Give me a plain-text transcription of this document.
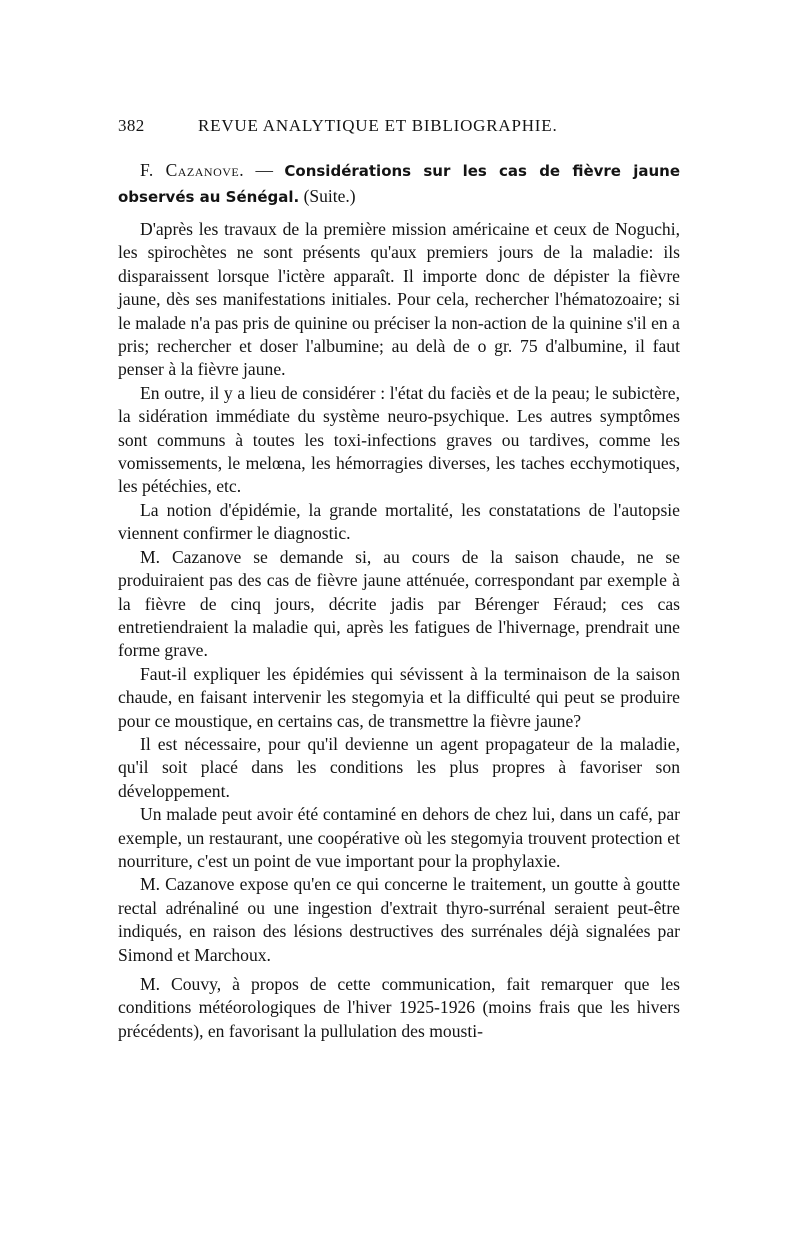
382	REVUE ANALYTIQUE ET BIBLIOGRAPHIE.

F. Cazanove. — Considérations sur les cas de fièvre jaune observés au Sénégal. (Suite.)

D'après les travaux de la première mission américaine et ceux de Noguchi, les spirochètes ne sont présents qu'aux premiers jours de la maladie: ils disparaissent lorsque l'ictère apparaît. Il importe donc de dépister la fièvre jaune, dès ses manifestations initiales. Pour cela, rechercher l'hématozoaire; si le malade n'a pas pris de quinine ou préciser la non-action de la quinine s'il en a pris; rechercher et doser l'albumine; au delà de o gr. 75 d'albumine, il faut penser à la fièvre jaune.

En outre, il y a lieu de considérer : l'état du faciès et de la peau; le subictère, la sidération immédiate du système neuro-psychique. Les autres symptômes sont communs à toutes les toxi-infections graves ou tardives, comme les vomissements, le melœna, les hémorragies diverses, les taches ecchymotiques, les pétéchies, etc.

La notion d'épidémie, la grande mortalité, les constatations de l'autopsie viennent confirmer le diagnostic.

M. Cazanove se demande si, au cours de la saison chaude, ne se produiraient pas des cas de fièvre jaune atténuée, correspondant par exemple à la fièvre de cinq jours, décrite jadis par Bérenger Féraud; ces cas entretiendraient la maladie qui, après les fatigues de l'hivernage, prendrait une forme grave.

Faut-il expliquer les épidémies qui sévissent à la terminaison de la saison chaude, en faisant intervenir les stegomyia et la difficulté qui peut se produire pour ce moustique, en certains cas, de transmettre la fièvre jaune?

Il est nécessaire, pour qu'il devienne un agent propagateur de la maladie, qu'il soit placé dans les conditions les plus propres à favoriser son développement.

Un malade peut avoir été contaminé en dehors de chez lui, dans un café, par exemple, un restaurant, une coopérative où les stegomyia trouvent protection et nourriture, c'est un point de vue important pour la prophylaxie.

M. Cazanove expose qu'en ce qui concerne le traitement, un goutte à goutte rectal adrénaliné ou une ingestion d'extrait thyro-surrénal seraient peut-être indiqués, en raison des lésions destructives des surrénales déjà signalées par Simond et Marchoux.

M. Couvy, à propos de cette communication, fait remarquer que les conditions météorologiques de l'hiver 1925-1926 (moins frais que les hivers précédents), en favorisant la pullulation des mousti-
